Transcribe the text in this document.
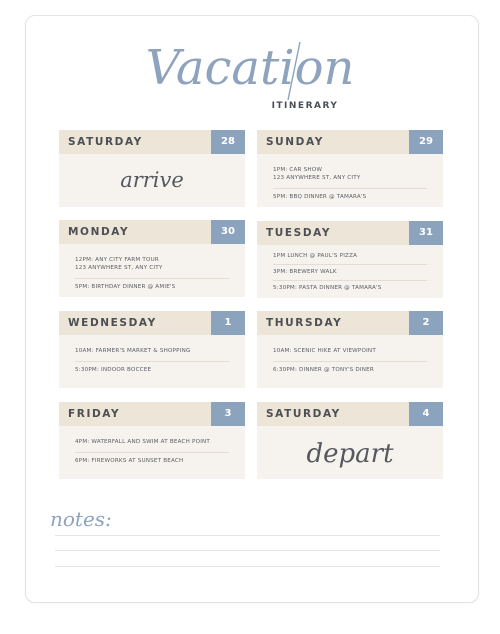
Vacation
ITINERARY
SATURDAY	28
arrive
SUNDAY	29
1PM: CAR SHOW
123 ANYWHERE ST, ANY CITY
5PM: BBQ DINNER @ TAMARA'S
MONDAY	30
12PM: ANY CITY FARM TOUR
123 ANYWHERE ST, ANY CITY
5PM: BIRTHDAY DINNER @ AMIE'S
TUESDAY	31
1PM LUNCH @ PAUL'S PIZZA
3PM: BREWERY WALK
5:30PM: PASTA DINNER @ TAMARA'S
WEDNESDAY	1
10AM: FARMER'S MARKET & SHOPPING
5:30PM: INDOOR BOCCEE
THURSDAY	2
10AM: SCENIC HIKE AT VIEWPOINT
6:30PM: DINNER @ TONY'S DINER
FRIDAY	3
4PM: WATERFALL AND SWIM AT BEACH POINT
6PM: FIREWORKS AT SUNSET BEACH
SATURDAY	4
depart
notes:
